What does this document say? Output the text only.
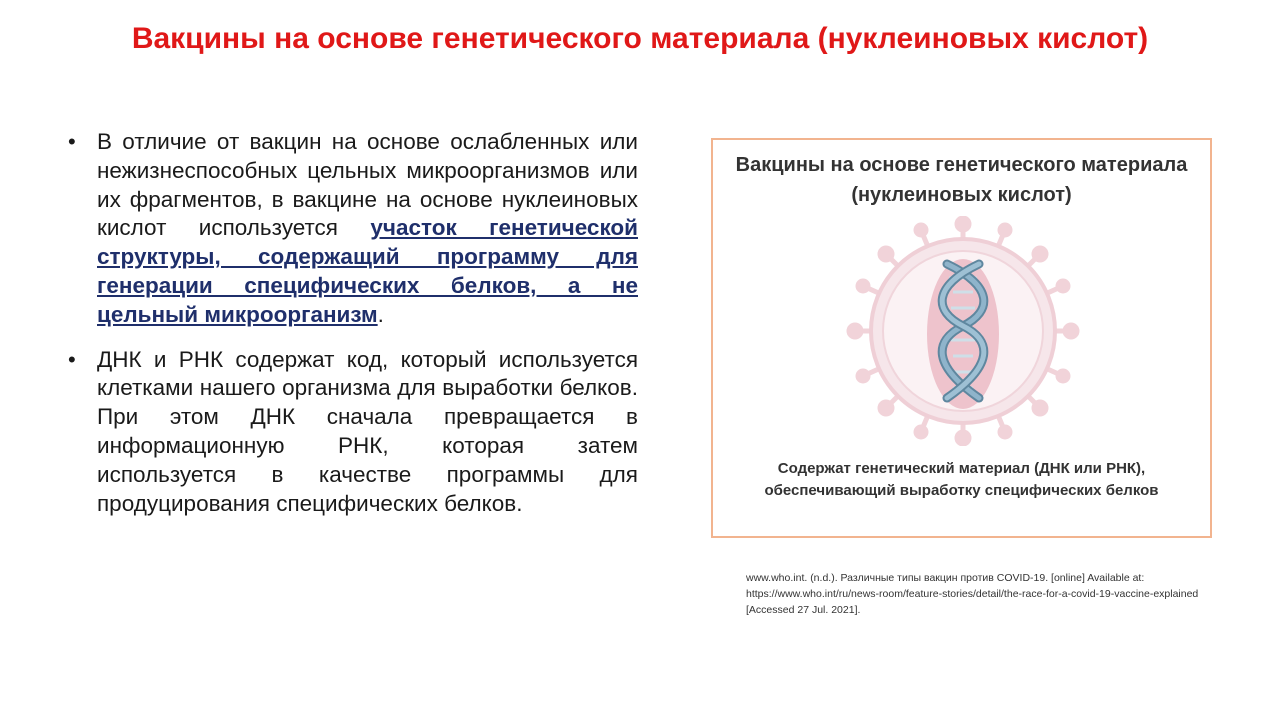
Вакцины на основе генетического материала (нуклеиновых кислот)
• В отличие от вакцин на основе ослабленных или нежизнеспособных цельных микроорганизмов или их фрагментов, в вакцине на основе нуклеиновых кислот используется участок генетической структуры, содержащий программу для генерации специфических белков, а не цельный микроорганизм.
• ДНК и РНК содержат код, который используется клетками нашего организма для выработки белков. При этом ДНК сначала превращается в информационную РНК, которая затем используется в качестве программы для продуцирования специфических белков.
Вакцины на основе генетического материала (нуклеиновых кислот)
Содержат генетический материал (ДНК или РНК), обеспечивающий выработку специфических белков
www.who.int. (n.d.). Различные типы вакцин против COVID-19. [online] Available at: https://www.who.int/ru/news-room/feature-stories/detail/the-race-for-a-covid-19-vaccine-explained [Accessed 27 Jul. 2021].
